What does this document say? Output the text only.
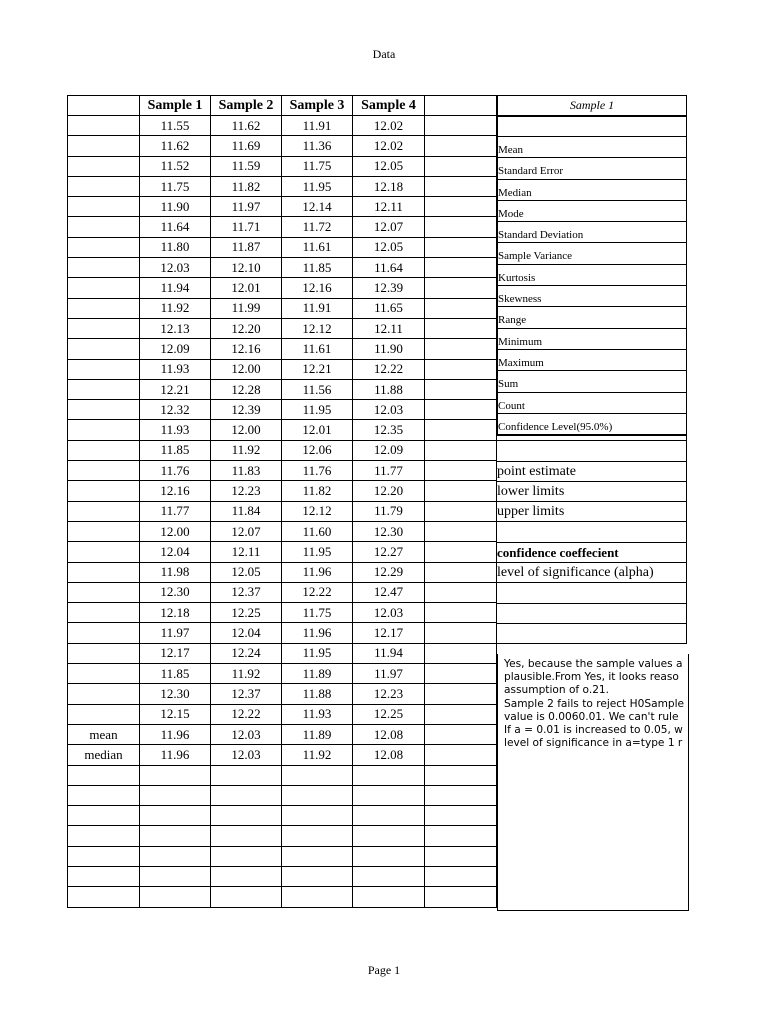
Data
	Sample 1	Sample 2	Sample 3	Sample 4	
	11.55	11.62	11.91	12.02	
	11.62	11.69	11.36	12.02	
	11.52	11.59	11.75	12.05	
	11.75	11.82	11.95	12.18	
	11.90	11.97	12.14	12.11	
	11.64	11.71	11.72	12.07	
	11.80	11.87	11.61	12.05	
	12.03	12.10	11.85	11.64	
	11.94	12.01	12.16	12.39	
	11.92	11.99	11.91	11.65	
	12.13	12.20	12.12	12.11	
	12.09	12.16	11.61	11.90	
	11.93	12.00	12.21	12.22	
	12.21	12.28	11.56	11.88	
	12.32	12.39	11.95	12.03	
	11.93	12.00	12.01	12.35	
	11.85	11.92	12.06	12.09	
	11.76	11.83	11.76	11.77	
	12.16	12.23	11.82	12.20	
	11.77	11.84	12.12	11.79	
	12.00	12.07	11.60	12.30	
	12.04	12.11	11.95	12.27	
	11.98	12.05	11.96	12.29	
	12.30	12.37	12.22	12.47	
	12.18	12.25	11.75	12.03	
	11.97	12.04	11.96	12.17	
	12.17	12.24	11.95	11.94	
	11.85	11.92	11.89	11.97	
	12.30	12.37	11.88	12.23	
	12.15	12.22	11.93	12.25	
mean	11.96	12.03	11.89	12.08	
median	11.96	12.03	11.92	12.08	

Sample 1
Mean
Standard Error
Median
Mode
Standard Deviation
Sample Variance
Kurtosis
Skewness
Range
Minimum
Maximum
Sum
Count
Confidence Level(95.0%)
point estimate
lower limits
upper limits
confidence coeffecient
level of significance (alpha)
Yes, because the sample values a
plausible.From Yes, it looks reaso
assumption of o.21.
Sample 2 fails to reject H0Sample
value is 0.0060.01. We can't rule
If a = 0.01 is increased to 0.05, w
level of significance in a=type 1 r
Page 1
